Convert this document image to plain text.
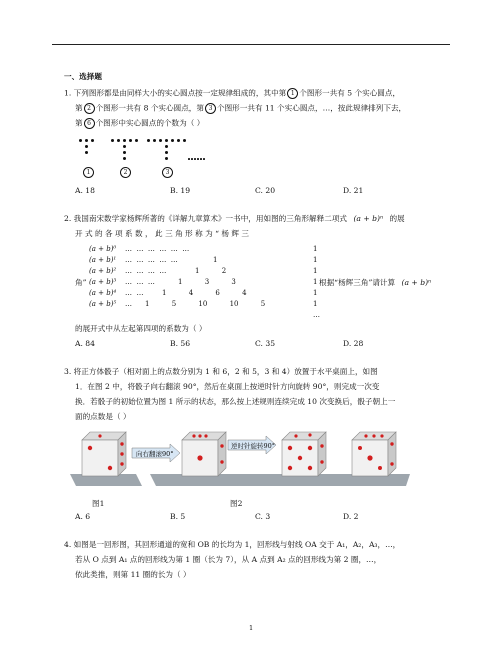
一、选择题
1. 下列图形都是由同样大小的实心圆点按一定规律组成的，其中第 1 个图形一共有 5 个实心圆点，
第 2 个图形一共有 8 个实心圆点，第 3 个图形一共有 11 个实心圆点，…，按此规律排列下去，
第 6 个图形中实心圆点的个数为（ ）
1	2	3
A. 18	B. 19	C. 20	D. 21
2. 我国南宋数学家杨辉所著的《详解九章算术》一书中，用如图的三角形解释二项式 (a + b)ⁿ 的展
开 式 的 各 项 系 数 ， 此 三 角 形 称 为 “ 杨 辉 三
角”
(a + b)⁰ …  …  …  …  …  …	1
(a + b)¹ …  …  …  …  …	1	1
(a + b)² …  …  …  …	1          2	1
(a + b)³ …  …  …	1          3          3	1
(a + b)⁴ …  …	1          4          6          4	1
(a + b)⁵ … 1          5          10          10          5	1
…
根据“杨辉三角”请计算 (a + b)ⁿ
的展开式中从左起第四项的系数为（ ）
A. 84	B. 56	C. 35	D. 28
3. 将正方体骰子（相对面上的点数分别为 1 和 6，2 和 5，3 和 4）放置于水平桌面上，如图
1．在图 2 中，将骰子向右翻滚 90°，然后在桌面上按逆时针方向旋转 90°，则完成一次变
换．若骰子的初始位置为图 1 所示的状态，那么按上述规则连续完成 10 次变换后，骰子朝上一
面的点数是（ ）
向右翻滚90°
逆时针旋转90°
图1	图2
A. 6	B. 5	C. 3	D. 2
4. 如图是一回形图，其回形通道的宽和 OB 的长均为 1，回形线与射线 OA 交于 A₁，A₂，A₃，…，
若从 O 点到 A₁ 点的回形线为第 1 圈（长为 7），从 A 点到 A₂ 点的回形线为第 2 圈，…，
依此类推，则第 11 圈的长为（ ）
1
